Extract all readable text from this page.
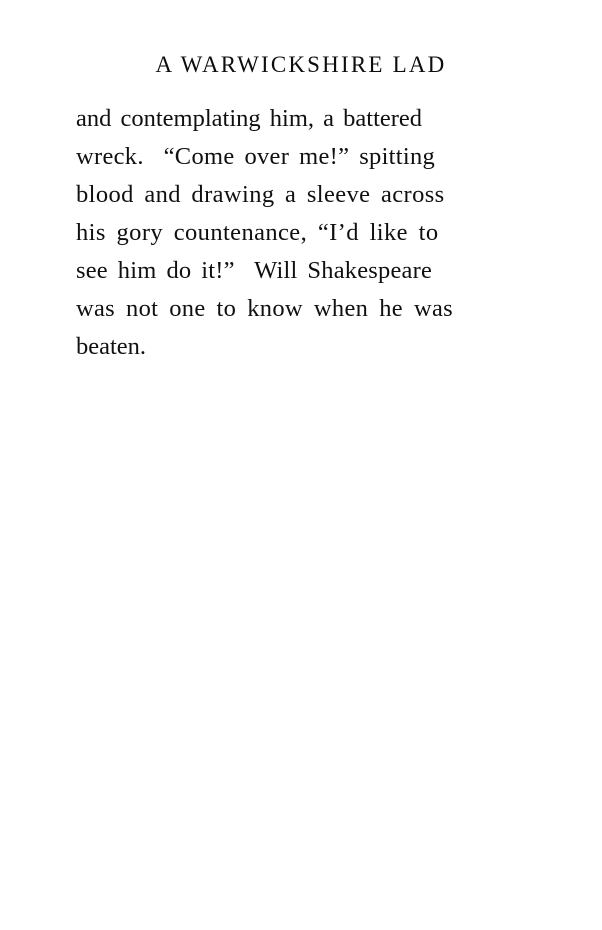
A WARWICKSHIRE LAD
and contemplating him, a battered
wreck.  “Come over me!” spitting
blood and drawing a sleeve across
his gory countenance, “I’d like to
see him do it!”  Will Shakespeare
was not one to know when he was
beaten.
